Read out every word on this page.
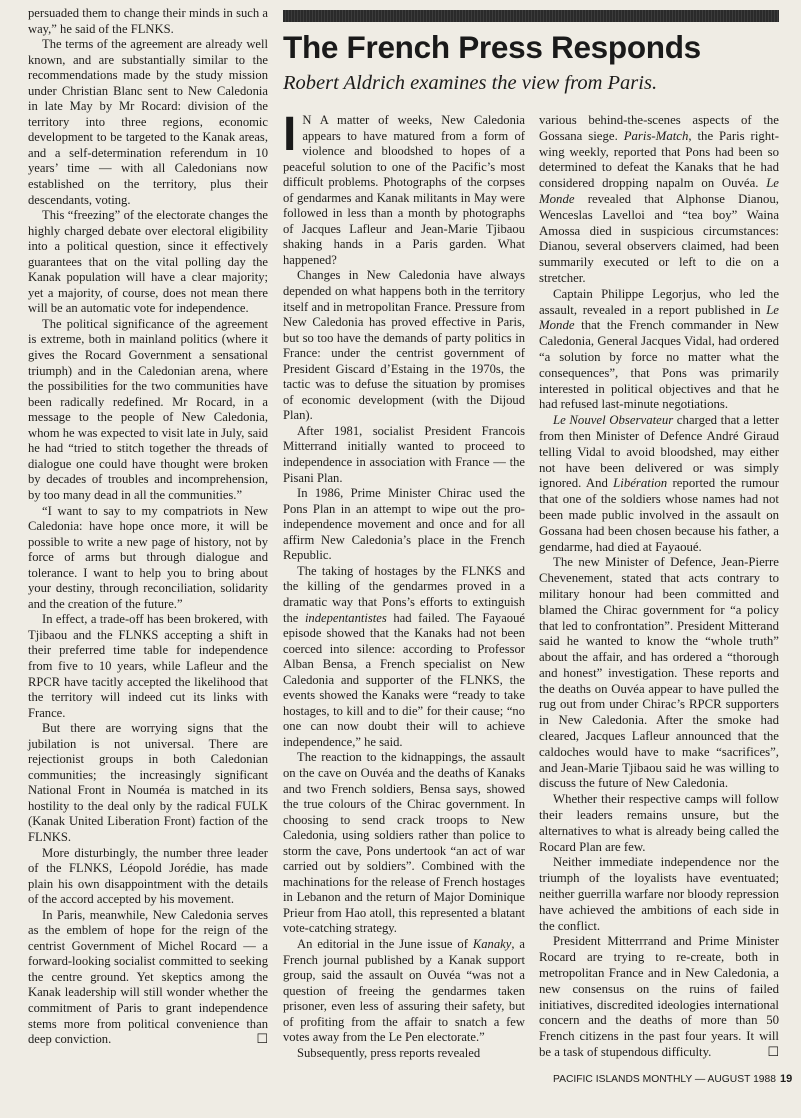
persuaded them to change their minds in such a way,” he said of the FLNKS.

The terms of the agreement are already well known, and are substantially similar to the recommendations made by the study mission under Christian Blanc sent to New Caledonia in late May by Mr Rocard: division of the territory into three regions, economic development to be targeted to the Kanak areas, and a self-determination referendum in 10 years’ time — with all Caledonians now established on the territory, plus their descendants, voting.

This “freezing” of the electorate changes the highly charged debate over electoral eligibility into a political question, since it effectively guarantees that on the vital polling day the Kanak population will have a clear majority; yet a majority, of course, does not mean there will be an automatic vote for independence.

The political significance of the agreement is extreme, both in mainland politics (where it gives the Rocard Government a sensational triumph) and in the Caledonian arena, where the possibilities for the two communities have been radically redefined. Mr Rocard, in a message to the people of New Caledonia, whom he was expected to visit late in July, said he had “tried to stitch together the threads of dialogue one could have thought were broken by decades of troubles and incomprehension, by too many dead in all the communities.”

“I want to say to my compatriots in New Caledonia: have hope once more, it will be possible to write a new page of history, not by force of arms but through dialogue and tolerance. I want to help you to bring about your destiny, through reconciliation, solidarity and the creation of the future.”

In effect, a trade-off has been brokered, with Tjibaou and the FLNKS accepting a shift in their preferred time table for independence from five to 10 years, while Lafleur and the RPCR have tacitly accepted the likelihood that the territory will indeed cut its links with France.

But there are worrying signs that the jubilation is not universal. There are rejectionist groups in both Caledonian communities; the increasingly significant National Front in Nouméa is matched in its hostility to the deal only by the radical FULK (Kanak United Liberation Front) faction of the FLNKS.

More disturbingly, the number three leader of the FLNKS, Léopold Jorédie, has made plain his own disappointment with the details of the accord accepted by his movement.

In Paris, meanwhile, New Caledonia serves as the emblem of hope for the reign of the centrist Government of Michel Rocard — a forward-looking socialist committed to seeking the centre ground. Yet skeptics among the Kanak leadership will still wonder whether the commitment of Paris to grant independence stems more from political convenience than deep conviction.	☐

The French Press Responds
Robert Aldrich examines the view from Paris.

I N A matter of weeks, New Caledonia appears to have matured from a form of violence and bloodshed to hopes of a peaceful solution to one of the Pacific’s most difficult problems. Photographs of the corpses of gendarmes and Kanak militants in May were followed in less than a month by photographs of Jacques Lafleur and Jean-Marie Tjibaou shaking hands in a Paris garden. What happened?

Changes in New Caledonia have always depended on what happens both in the territory itself and in metropolitan France. Pressure from New Caledonia has proved effective in Paris, but so too have the demands of party politics in France: under the centrist government of President Giscard d’Estaing in the 1970s, the tactic was to defuse the situation by promises of economic development (with the Dijoud Plan).

After 1981, socialist President Francois Mitterrand initially wanted to proceed to independence in association with France — the Pisani Plan.

In 1986, Prime Minister Chirac used the Pons Plan in an attempt to wipe out the pro-independence movement and once and for all affirm New Caledonia’s place in the French Republic.

The taking of hostages by the FLNKS and the killing of the gendarmes proved in a dramatic way that Pons’s efforts to extinguish the indepentantistes had failed. The Fayaoué episode showed that the Kanaks had not been coerced into silence: according to Professor Alban Bensa, a French specialist on New Caledonia and supporter of the FLNKS, the events showed the Kanaks were “ready to take hostages, to kill and to die” for their cause; “no one can now doubt their will to achieve independence,” he said.

The reaction to the kidnappings, the assault on the cave on Ouvéa and the deaths of Kanaks and two French soldiers, Bensa says, showed the true colours of the Chirac government. In choosing to send crack troops to New Caledonia, using soldiers rather than police to storm the cave, Pons undertook “an act of war carried out by soldiers”. Combined with the machinations for the release of French hostages in Lebanon and the return of Major Dominique Prieur from Hao atoll, this represented a blatant vote-catching strategy.

An editorial in the June issue of Kanaky, a French journal published by a Kanak support group, said the assault on Ouvéa “was not a question of freeing the gendarmes taken prisoner, even less of assuring their safety, but of profiting from the affair to snatch a few votes away from the Le Pen electorate.”

Subsequently, press reports revealed

various behind-the-scenes aspects of the Gossana siege. Paris-Match, the Paris right-wing weekly, reported that Pons had been so determined to defeat the Kanaks that he had considered dropping napalm on Ouvéa. Le Monde revealed that Alphonse Dianou, Wenceslas Lavelloi and “tea boy” Waina Amossa died in suspicious circumstances: Dianou, several observers claimed, had been summarily executed or left to die on a stretcher.

Captain Philippe Legorjus, who led the assault, revealed in a report published in Le Monde that the French commander in New Caledonia, General Jacques Vidal, had ordered “a solution by force no matter what the consequences”, that Pons was primarily interested in political objectives and that he had refused last-minute negotiations.

Le Nouvel Observateur charged that a letter from then Minister of Defence André Giraud telling Vidal to avoid bloodshed, may either not have been delivered or was simply ignored. And Libération reported the rumour that one of the soldiers whose names had not been made public involved in the assault on Gossana had been chosen because his father, a gendarme, had died at Fayaoué.

The new Minister of Defence, Jean-Pierre Chevenement, stated that acts contrary to military honour had been committed and blamed the Chirac government for “a policy that led to confrontation”. President Mitterand said he wanted to know the “whole truth” about the affair, and has ordered a “thorough and honest” investigation. These reports and the deaths on Ouvéa appear to have pulled the rug out from under Chirac’s RPCR supporters in New Caledonia. After the smoke had cleared, Jacques Lafleur announced that the caldoches would have to make “sacrifices”, and Jean-Marie Tjibaou said he was willing to discuss the future of New Caledonia.

Whether their respective camps will follow their leaders remains unsure, but the alternatives to what is already being called the Rocard Plan are few.

Neither immediate independence nor the triumph of the loyalists have eventuated; neither guerrilla warfare nor bloody repression have achieved the ambitions of each side in the conflict.

President Mitterrrand and Prime Minister Rocard are trying to re-create, both in metropolitan France and in New Caledonia, a new consensus on the ruins of failed initiatives, discredited ideologies international concern and the deaths of more than 50 French citizens in the past four years. It will be a task of stupendous difficulty.	☐

PACIFIC ISLANDS MONTHLY — AUGUST 1988 19
